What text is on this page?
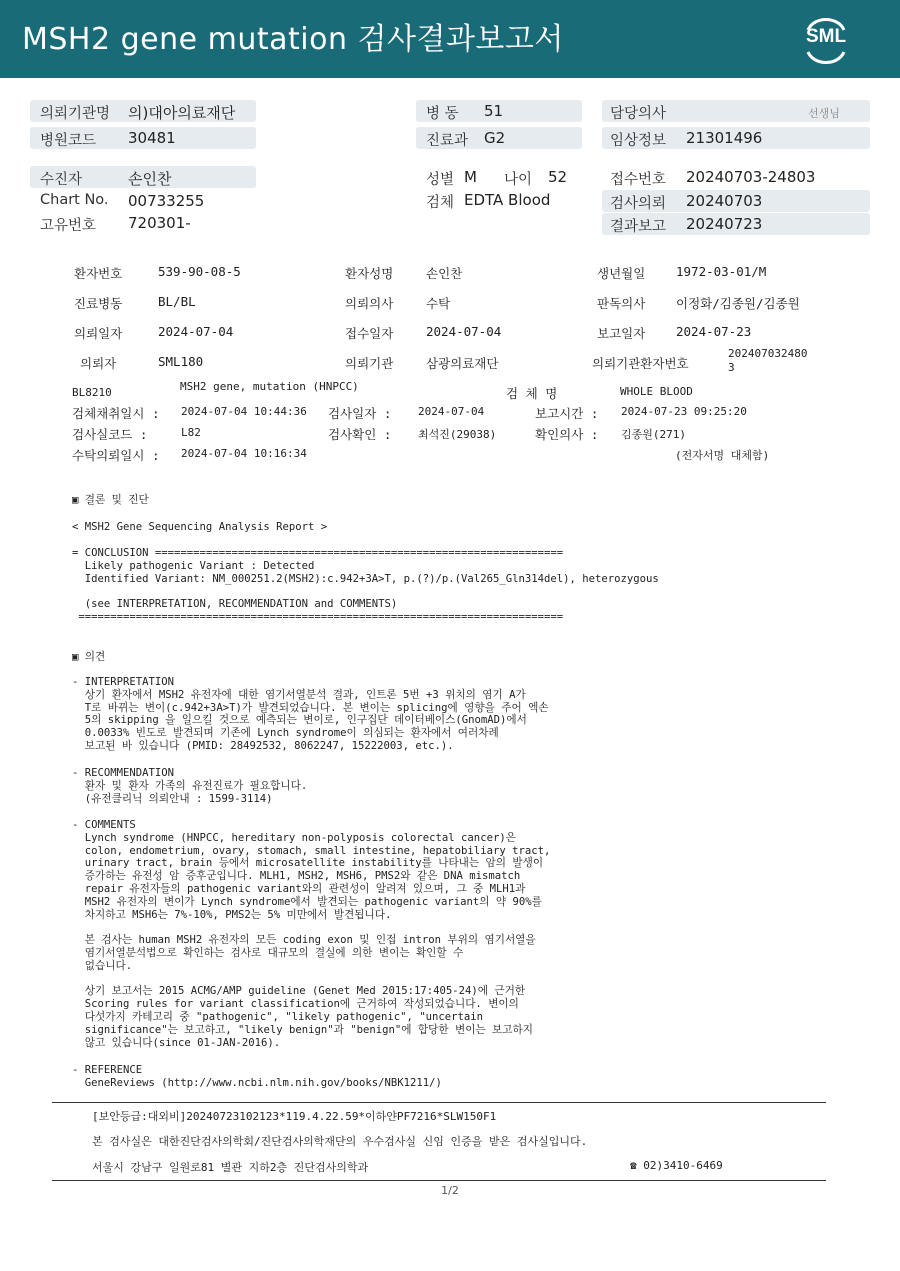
MSH2 gene mutation 검사결과보고서	SML
의뢰기관명 의)대아의료재단
병원코드 30481
병 동 51
진료과 G2
담당의사	선생님
임상정보 21301496
수진자	손인찬
Chart No. 00733255
고유번호 720301-
성별 M 나이 52
검체 EDTA Blood
접수번호 20240703-24803
검사의뢰 20240703
결과보고 20240723
환자번호	539-90-08-5	환자성명	손인찬	생년월일 1972-03-01/M
진료병동	BL/BL	의뢰의사	수탁	판독의사 이정화/김종원/김종원
의뢰일자	2024-07-04	접수일자	2024-07-04	보고일자 2024-07-23
의뢰자	SML180	의뢰기관	삼광의료재단	의뢰기관환자번호
202407032480
3
BL8210	MSH2 gene, mutation (HNPCC)	검 체 명	WHOLE BLOOD
검체채취일시 : 2024-07-04 10:44:36 검사일자 : 2024-07-04	보고시간 : 2024-07-23 09:25:20
검사실코드 :	L82	검사확인 : 최석진(29038)	확인의사 : 김종원(271)
수탁의뢰일시 : 2024-07-04 10:16:34	(전자서명 대체함)
▣ 결론 및 진단
< MSH2 Gene Sequencing Analysis Report >
= CONCLUSION ================================================================
Likely pathogenic Variant : Detected
Identified Variant: NM_000251.2(MSH2):c.942+3A>T, p.(?)/p.(Val265_Gln314del), heterozygous

(see INTERPRETATION, RECOMMENDATION and COMMENTS)
============================================================================
▣ 의견
- INTERPRETATION
상기 환자에서 MSH2 유전자에 대한 염기서열분석 결과, 인트론 5번 +3 위치의 염기 A가
T로 바뀌는 변이(c.942+3A>T)가 발견되었습니다. 본 변이는 splicing에 영향을 주어 엑손
5의 skipping 을 일으킬 것으로 예측되는 변이로, 인구집단 데이터베이스(GnomAD)에서
0.0033% 빈도로 발견되며 기존에 Lynch syndrome이 의심되는 환자에서 여러차례
보고된 바 있습니다 (PMID: 28492532, 8062247, 15222003, etc.).
- RECOMMENDATION
환자 및 환자 가족의 유전진료가 필요합니다.
(유전클리닉 의뢰안내 : 1599-3114)
- COMMENTS
Lynch syndrome (HNPCC, hereditary non-polyposis colorectal cancer)은
colon, endometrium, ovary, stomach, small intestine, hepatobiliary tract,
urinary tract, brain 등에서 microsatellite instability를 나타내는 암의 발생이
증가하는 유전성 암 증후군입니다. MLH1, MSH2, MSH6, PMS2와 같은 DNA mismatch
repair 유전자들의 pathogenic variant와의 관련성이 알려져 있으며, 그 중 MLH1과
MSH2 유전자의 변이가 Lynch syndrome에서 발견되는 pathogenic variant의 약 90%를
차지하고 MSH6는 7%-10%, PMS2는 5% 미만에서 발견됩니다.

본 검사는 human MSH2 유전자의 모든 coding exon 및 인접 intron 부위의 염기서열을
염기서열분석법으로 확인하는 검사로 대규모의 결실에 의한 변이는 확인할 수
없습니다.

상기 보고서는 2015 ACMG/AMP guideline (Genet Med 2015:17:405-24)에 근거한
Scoring rules for variant classification에 근거하여 작성되었습니다. 변이의
다섯가지 카테고리 중 "pathogenic", "likely pathogenic", "uncertain
significance"는 보고하고, "likely benign"과 "benign"에 합당한 변이는 보고하지
않고 있습니다(since 01-JAN-2016).
- REFERENCE
GeneReviews (http://www.ncbi.nlm.nih.gov/books/NBK1211/)
[보안등급:대외비]20240723102123*119.4.22.59*이하얀PF7216*SLW150F1
본 검사실은 대한진단검사의학회/진단검사의학재단의 우수검사실 신임 인증을 받은 검사실입니다.
서울시 강남구 일원로81 별관 지하2층 진단검사의학과	☎ 02)3410-6469
1/2
